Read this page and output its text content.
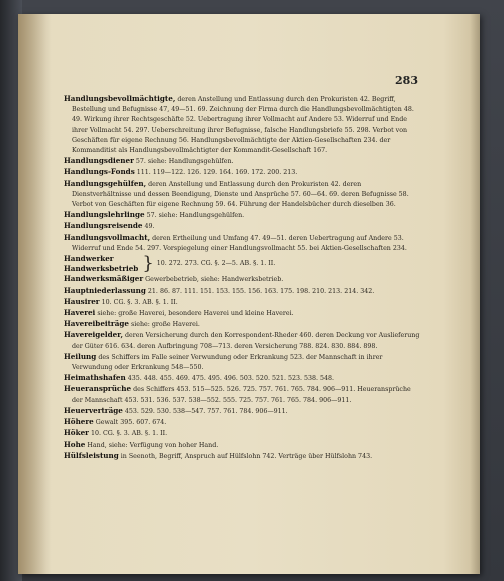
283

Handlungsbevollmächtigte, deren Anstellung und Entlassung durch den Prokuristen 42. Begriff, Bestellung und Befugnisse 47, 49—51. 69. Zeichnung der Firma durch die Handlungsbevollmächtigten 48. 49. Wirkung ihrer Rechtsgeschäfte 52. Uebertragung ihrer Vollmacht auf Andere 53. Widerruf und Ende ihrer Vollmacht 54. 297. Ueberschreitung ihrer Befugnisse, falsche Handlungsbriefe 55. 298. Verbot von Geschäften für eigene Rechnung 56. Handlungsbevollmächtigte der Aktien-Gesellschaften 234. der Kommanditist als Handlungsbevollmächtigter der Kommandit-Gesellschaft 167.

Handlungsdiener 57. siehe: Handlungsgehülfen.

Handlungs-Fonds 111. 119—122. 126. 129. 164. 169. 172. 200. 213.

Handlungsgehülfen, deren Anstellung und Entlassung durch den Prokuristen 42. deren Dienstverhältnisse und dessen Beendigung, Dienste und Ansprüche 57. 60—64. 69. deren Befugnisse 58. Verbot von Geschäften für eigene Rechnung 59. 64. Führung der Handelsbücher durch dieselben 36.

Handlungslehrlinge 57. siehe: Handlungsgehülfen.

Handlungsreisende 49.

Handlungsvollmacht, deren Ertheilung und Umfang 47. 49—51. deren Uebertragung auf Andere 53. Widerruf und Ende 54. 297. Vorspiegelung einer Handlungsvollmacht 55. bei Aktien-Gesellschaften 234.

Handwerker
Handwerksbetrieb } 10. 272. 273. CG. §. 2—5. AB. §. 1. II.

Handwerksmäßiger Gewerbebetrieb, siehe: Handwerksbetrieb.

Hauptniederlassung 21. 86. 87. 111. 151. 153. 155. 156. 163. 175. 198. 210. 213. 214. 342.

Hausirer 10. CG. §. 3. AB. §. 1. II.

Haverei siehe: große Haverei, besondere Haverei und kleine Haverei.

Havereibeiträge siehe: große Haverei.

Havereigelder, deren Versicherung durch den Korrespondent-Rheder 460. deren Deckung vor Auslieferung der Güter 616. 634. deren Aufbringung 708—713. deren Versicherung 788. 824. 830. 884. 898.

Heilung des Schiffers im Falle seiner Verwundung oder Erkrankung 523. der Mannschaft in ihrer Verwundung oder Erkrankung 548—550.

Heimathshafen 435. 448. 455. 469. 475. 495. 496. 503. 520. 521. 523. 538. 548.

Heueransprüche des Schiffers 453. 515—525. 526. 725. 757. 761. 765. 784. 906—911. Heueransprüche der Mannschaft 453. 531. 536. 537. 538—552. 555. 725. 757. 761. 765. 784. 906—911.

Heuerverträge 453. 529. 530. 538—547. 757. 761. 784. 906—911.

Höhere Gewalt 395. 607. 674.

Höker 10. CG. §. 3. AB. §. 1. II.

Hohe Hand, siehe: Verfügung von hoher Hand.

Hülfsleistung in Seenoth, Begriff, Anspruch auf Hülfslohn 742. Verträge über Hülfslohn 743.
